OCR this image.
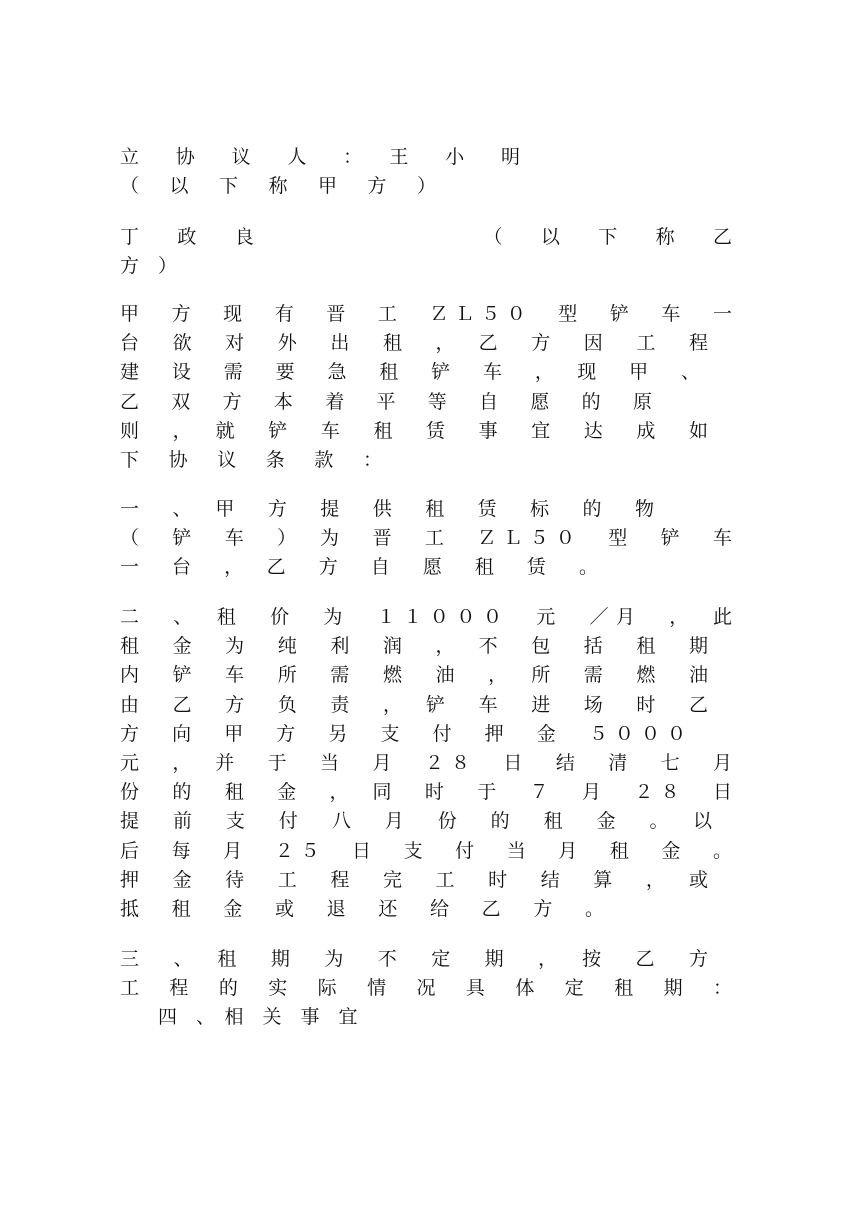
立　协　议　人　：　王　小　明
（　以　下　称　甲　方　）
丁　政　良　　　　　　　　（　以　下　称　乙
方　）
甲　方　现　有　晋　工　ＺＬ５０　型　铲　车　一
台　欲　对　外　出　租　，　乙　方　因　工　程
建　设　需　要　急　租　铲　车　，　现　甲　、
乙　双　方　本　着　平　等　自　愿　的　原
则　，　就　铲　车　租　赁　事　宜　达　成　如
下　协　议　条　款　：
一　、　甲　方　提　供　租　赁　标　的　物
（　铲　车　）　为　晋　工　ＺＬ５０　型　铲　车
一　台　，　乙　方　自　愿　租　赁　。
二　、　租　价　为　１１０００　元　／月　，　此
租　金　为　纯　利　润　，　不　包　括　租　期
内　铲　车　所　需　燃　油　，　所　需　燃　油
由　乙　方　负　责　，　铲　车　进　场　时　乙
方　向　甲　方　另　支　付　押　金　５０００
元　，　并　于　当　月　２８　日　结　清　七　月
份　的　租　金　，　同　时　于　７　月　２８　日
提　前　支　付　八　月　份　的　租　金　。　以
后　每　月　２５　日　支　付　当　月　租　金　。
押　金　待　工　程　完　工　时　结　算　，　或
抵　租　金　或　退　还　给　乙　方　。
三　、　租　期　为　不　定　期　，　按　乙　方
工　程　的　实　际　情　况　具　体　定　租　期　：
　　四　、　相　关　事　宜
